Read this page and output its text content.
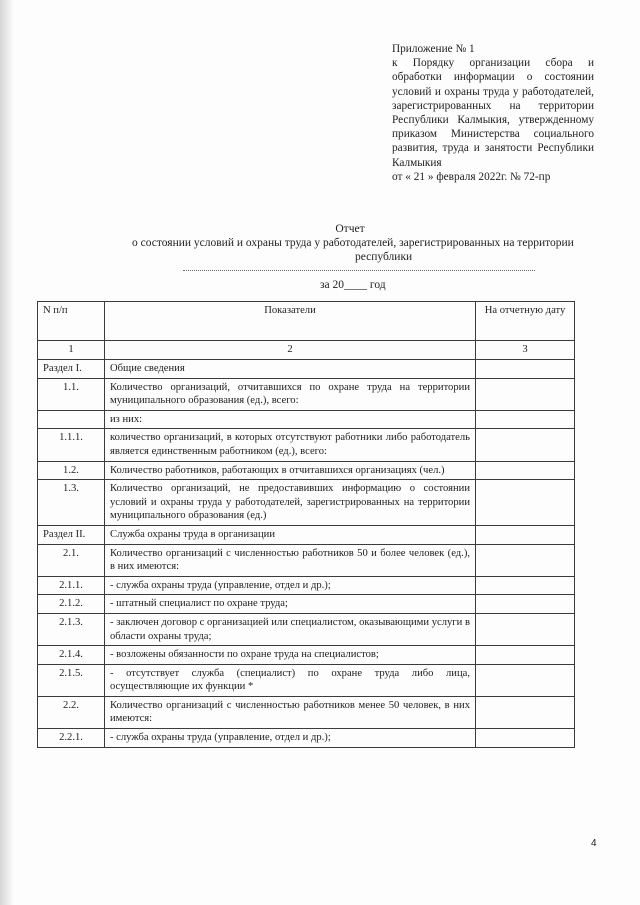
Приложение № 1
к Порядку организации сбора и обработки информации о состоянии условий и охраны труда у работодателей, зарегистрированных на территории Республики Калмыкия, утвержденному приказом Министерства социального развития, труда и занятости Республики Калмыкия
от « 21 » февраля 2022г. № 72-пр
Отчет
о состоянии условий и охраны труда у работодателей, зарегистрированных на территории
республики
за 20____ год
N п/п	Показатели	На отчетную дату
1	2	3
Раздел I.	Общие сведения	
1.1.	Количество организаций, отчитавшихся по охране труда на территории муниципального образования (ед.), всего:	
	из них:	
1.1.1.	количество организаций, в которых отсутствуют работники либо работодатель является единственным работником (ед.), всего:	
1.2.	Количество работников, работающих в отчитавшихся организациях (чел.)	
1.3.	Количество организаций, не предоставивших информацию о состоянии условий и охраны труда у работодателей, зарегистрированных на территории муниципального образования (ед.)	
Раздел II.	Служба охраны труда в организации	
2.1.	Количество организаций с численностью работников 50 и более человек (ед.), в них имеются:	
2.1.1.	- служба охраны труда (управление, отдел и др.);	
2.1.2.	- штатный специалист по охране труда;	
2.1.3.	- заключен договор с организацией или специалистом, оказывающими услуги в области охраны труда;	
2.1.4.	- возложены обязанности по охране труда на специалистов;	
2.1.5.	- отсутствует служба (специалист) по охране труда либо лица, осуществляющие их функции *	
2.2.	Количество организаций с численностью работников менее 50 человек, в них имеются:	
2.2.1.	- служба охраны труда (управление, отдел и др.);	
4
